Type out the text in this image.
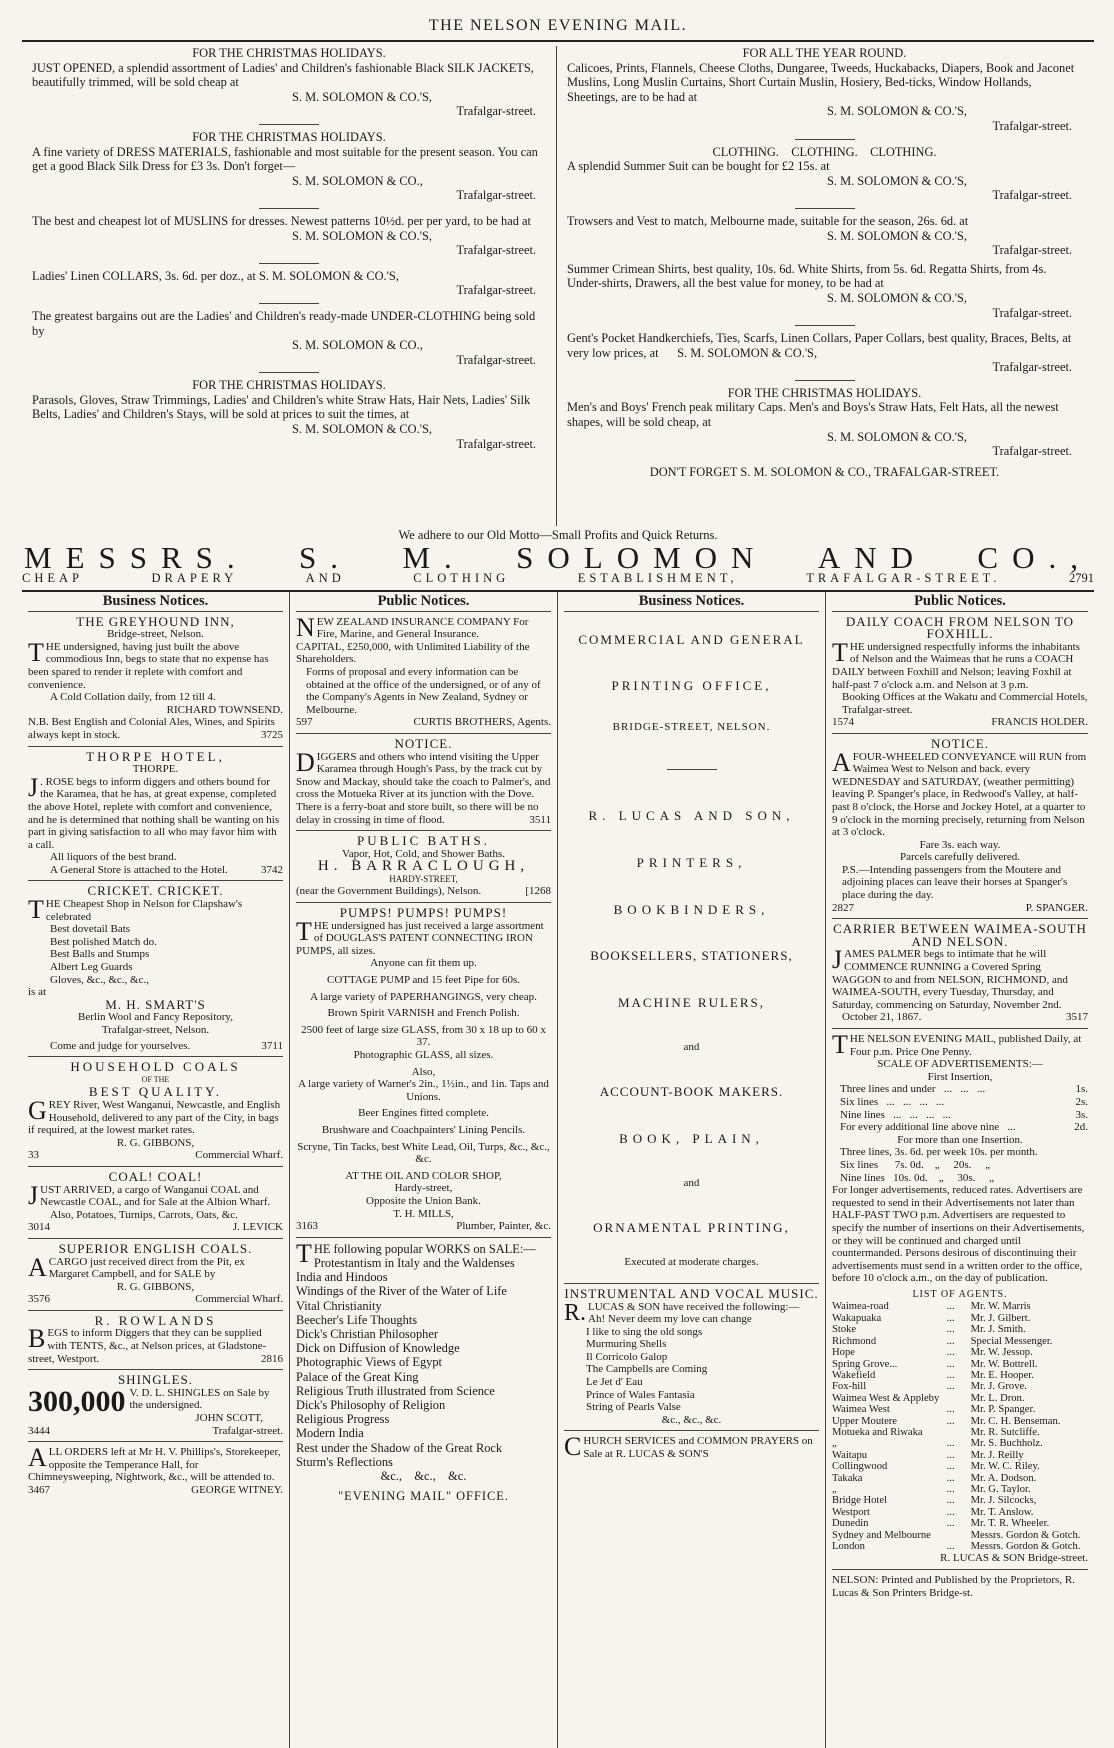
THE NELSON EVENING MAIL.
FOR THE CHRISTMAS HOLIDAYS.
JUST OPENED, a splendid assortment of Ladies' and Children's fashionable Black SILK JACKETS, beautifully trimmed, will be sold cheap at
S. M. SOLOMON & CO.'S,
Trafalgar-street.
FOR THE CHRISTMAS HOLIDAYS.
A fine variety of DRESS MATERIALS, fashionable and most suitable for the present season. You can get a good Black Silk Dress for £3 3s. Don't forget—
S. M. SOLOMON & CO.,
Trafalgar-street.
The best and cheapest lot of MUSLINS for dresses. Newest patterns 10½d. per per yard, to be had at
S. M. SOLOMON & CO.'S,
Trafalgar-street.
Ladies' Linen COLLARS, 3s. 6d. per doz., at S. M. SOLOMON & CO.'S,
Trafalgar-street.
The greatest bargains out are the Ladies' and Children's ready-made UNDER-CLOTHING being sold by
S. M. SOLOMON & CO.,
Trafalgar-street.
FOR THE CHRISTMAS HOLIDAYS.
Parasols, Gloves, Straw Trimmings, Ladies' and Children's white Straw Hats, Hair Nets, Ladies' Silk Belts, Ladies' and Children's Stays, will be sold at prices to suit the times, at
S. M. SOLOMON & CO.'S,
Trafalgar-street.
FOR ALL THE YEAR ROUND.
Calicoes, Prints, Flannels, Cheese Cloths, Dungaree, Tweeds, Huckabacks, Diapers, Book and Jaconet Muslins, Long Muslin Curtains, Short Curtain Muslin, Hosiery, Bed-ticks, Window Hollands, Sheetings, are to be had at
S. M. SOLOMON & CO.'S,
Trafalgar-street.
CLOTHING.    CLOTHING.    CLOTHING.
A splendid Summer Suit can be bought for £2 15s. at
S. M. SOLOMON & CO.'S,
Trafalgar-street.
Trowsers and Vest to match, Melbourne made, suitable for the season, 26s. 6d. at
S. M. SOLOMON & CO.'S,
Trafalgar-street.
Summer Crimean Shirts, best quality, 10s. 6d. White Shirts, from 5s. 6d. Regatta Shirts, from 4s. Under-shirts, Drawers, all the best value for money, to be had at
S. M. SOLOMON & CO.'S,
Trafalgar-street.
Gent's Pocket Handkerchiefs, Ties, Scarfs, Linen Collars, Paper Collars, best quality, Braces, Belts, at very low prices, at      S. M. SOLOMON & CO.'S,
Trafalgar-street.
FOR THE CHRISTMAS HOLIDAYS.
Men's and Boys' French peak military Caps. Men's and Boys's Straw Hats, Felt Hats, all the newest shapes, will be sold cheap, at
S. M. SOLOMON & CO.'S,
Trafalgar-street.
DON'T FORGET S. M. SOLOMON & CO., TRAFALGAR-STREET.
We adhere to our Old Motto—Small Profits and Quick Returns.
MESSRS. S. M. SOLOMON AND CO.,
CHEAP	DRAPERY	AND	CLOTHING	ESTABLISHMENT,	TRAFALGAR-STREET.	2791
Business Notices.
THE GREYHOUND INN,
Bridge-street, Nelson.
THE undersigned, having just built the above commodious Inn, begs to state that no expense has been spared to render it replete with comfort and convenience.
A Cold Collation daily, from 12 till 4.
RICHARD TOWNSEND.
N.B. Best English and Colonial Ales, Wines, and Spirits always kept in stock.	3725
THORPE HOTEL,
THORPE.
J . ROSE begs to inform diggers and others bound for the Karamea, that he has, at great expense, completed the above Hotel, replete with comfort and convenience, and he is determined that nothing shall be wanting on his part in giving satisfaction to all who may favor him with a call.
All liquors of the best brand.
A General Store is attached to the Hotel.	3742
CRICKET. CRICKET.
THE Cheapest Shop in Nelson for Clapshaw's celebrated
Best dovetail Bats
Best polished Match do.
Best Balls and Stumps
Albert Leg Guards
Gloves, &c., &c., &c.,
is at
M. H. SMART'S
Berlin Wool and Fancy Repository,
Trafalgar-street, Nelson.
Come and judge for yourselves.	3711
HOUSEHOLD COALS
OF THE
BEST QUALITY.
GREY River, West Wanganui, Newcastle, and English Household, delivered to any part of the City, in bags if required, at the lowest market rates.
R. G. GIBBONS,
33	Commercial Wharf.
COAL! COAL!
JUST ARRIVED, a cargo of Wanganui COAL and Newcastle COAL, and for Sale at the Albion Wharf.
Also, Potatoes, Turnips, Carrots, Oats, &c.
3014	J. LEVICK
SUPERIOR ENGLISH COALS.
A CARGO just received direct from the Pit, ex Margaret Campbell, and for SALE by
R. G. GIBBONS,
3576	Commercial Wharf.
R. ROWLANDS
BEGS to inform Diggers that they can be supplied with TENTS, &c., at Nelson prices, at Gladstone-street, Westport.	2816
SHINGLES.
300,000 V. D. L. SHINGLES on Sale by the undersigned.
JOHN SCOTT,
3444	Trafalgar-street.
ALL ORDERS left at Mr H. V. Phillips's, Storekeeper, opposite the Temperance Hall, for Chimneysweeping, Nightwork, &c., will be attended to.
3467	GEORGE WITNEY.
Public Notices.
NEW ZEALAND INSURANCE COMPANY For Fire, Marine, and General Insurance.
CAPITAL, £250,000, with Unlimited Liability of the Shareholders.
Forms of proposal and every information can be obtained at the office of the undersigned, or of any of the Company's Agents in New Zealand, Sydney or Melbourne.
597	CURTIS BROTHERS, Agents.
NOTICE.
DIGGERS and others who intend visiting the Upper Karamea through Hough's Pass, by the track cut by Snow and Mackay, should take the coach to Palmer's, and cross the Motueka River at its junction with the Dove. There is a ferry-boat and store built, so there will be no delay in crossing in time of flood.	3511
PUBLIC BATHS.
Vapor, Hot, Cold, and Shower Baths.
H. BARRACLOUGH,
HARDY-STREET,
(near the Government Buildings), Nelson.	[1268
PUMPS! PUMPS! PUMPS!
THE undersigned has just received a large assortment of DOUGLAS'S PATENT CONNECTING IRON PUMPS, all sizes.
Anyone can fit them up.
COTTAGE PUMP and 15 feet Pipe for 60s.
A large variety of PAPERHANGINGS, very cheap.
Brown Spirit VARNISH and French Polish.
2500 feet of large size GLASS, from 30 x 18 up to 60 x 37.
Photographic GLASS, all sizes.
Also,
A large variety of Warner's 2in., 1½in., and 1in. Taps and Unions.
Beer Engines fitted complete.
Brushware and Coachpainters' Lining Pencils.
Scryne, Tin Tacks, best White Lead, Oil, Turps, &c., &c., &c.
AT THE OIL AND COLOR SHOP,
Hardy-street,
Opposite the Union Bank.
T. H. MILLS,
3163	Plumber, Painter, &c.
THE following popular WORKS on SALE:—
Protestantism in Italy and the Waldenses
India and Hindoos
Windings of the River of the Water of Life
Vital Christianity
Beecher's Life Thoughts
Dick's Christian Philosopher
Dick on Diffusion of Knowledge
Photographic Views of Egypt
Palace of the Great King
Religious Truth illustrated from Science
Dick's Philosophy of Religion
Religious Progress
Modern India
Rest under the Shadow of the Great Rock
Sturm's Reflections
&c.,    &c.,    &c.
"EVENING MAIL" OFFICE.
Business Notices.
COMMERCIAL AND GENERAL
PRINTING OFFICE,
BRIDGE-STREET, NELSON.
R. LUCAS AND SON,
PRINTERS,
BOOKBINDERS,
BOOKSELLERS, STATIONERS,
MACHINE RULERS,
and
ACCOUNT-BOOK MAKERS.
BOOK, PLAIN,
and
ORNAMENTAL PRINTING,
Executed at moderate charges.
INSTRUMENTAL AND VOCAL MUSIC.
R. LUCAS & SON have received the following:—
Ah! Never deem my love can change
I like to sing the old songs
Murmuring Shells
Il Corricolo Galop
The Campbells are Coming
Le Jet d' Eau
Prince of Wales Fantasia
String of Pearls Valse
&c., &c., &c.
CHURCH SERVICES and COMMON PRAYERS on Sale at R. LUCAS & SON'S
Public Notices.
DAILY COACH FROM NELSON TO FOXHILL.
THE undersigned respectfully informs the inhabitants of Nelson and the Waimeas that he runs a COACH DAILY between Foxhill and Nelson; leaving Foxhil at half-past 7 o'clock a.m. and Nelson at 3 p.m.
Booking Offices at the Wakatu and Commercial Hotels, Trafalgar-street.
1574	FRANCIS HOLDER.
NOTICE.
A FOUR-WHEELED CONVEYANCE will RUN from Waimea West to Nelson and back. every WEDNESDAY and SATURDAY, (weather permitting) leaving P. Spanger's place, in Redwood's Valley, at half-past 8 o'clock, the Horse and Jockey Hotel, at a quarter to 9 o'clock in the morning precisely, returning from Nelson at 3 o'clock.
Fare 3s. each way.
Parcels carefully delivered.
P.S.—Intending passengers from the Moutere and adjoining places can leave their horses at Spanger's place during the day.
2827	P. SPANGER.
CARRIER BETWEEN WAIMEA-SOUTH AND NELSON.
JAMES PALMER begs to intimate that he will COMMENCE RUNNING a Covered Spring WAGGON to and from NELSON, RICHMOND, and WAIMEA-SOUTH, every Tuesday, Thursday, and Saturday, commencing on Saturday, November 2nd.
October 21, 1867.	3517
THE NELSON EVENING MAIL, published Daily, at Four p.m. Price One Penny.
SCALE OF ADVERTISEMENTS:—
First Insertion,
Three lines and under   ...   ...   ...	1s.
Six lines   ...   ...   ...   ...	2s.
Nine lines   ...   ...   ...   ...	3s.
For every additional line above nine   ...	2d.
For more than one Insertion.
Three lines, 3s. 6d. per week 10s. per month.
Six lines      7s. 0d.    „     20s.     „
Nine lines   10s. 0d.    „     30s.     „
For longer advertisements, reduced rates. Advertisers are requested to send in their Advertisements not later than HALF-PAST TWO p.m. Advertisers are requested to specify the number of insertions on their Advertisements, or they will be continued and charged until countermanded. Persons desirous of discontinuing their advertisements must send in a written order to the office, before 10 o'clock a.m., on the day of publication.
LIST OF AGENTS.
Waimea-road	...	Mr. W. Marris
Wakapuaka	...	Mr. J. Gilbert.
Stoke	...	Mr. J. Smith.
Richmond	...	Special Messenger.
Hope	...	Mr. W. Jessop.
Spring Grove...	...	Mr. W. Bottrell.
Wakefield	...	Mr. E. Hooper.
Fox-hill	...	Mr. J. Grove.
Waimea West & Appleby		Mr. L. Dron.
Waimea West	...	Mr. P. Spanger.
Upper Moutere	...	Mr. C. H. Benseman.
Motueka and Riwaka		Mr. R. Sutcliffe.
„	...	Mr. S. Buchholz.
Waitapu	...	Mr. J. Reilly
Collingwood	...	Mr. W. C. Riley.
Takaka	...	Mr. A. Dodson.
„	...	Mr. G. Taylor.
Bridge Hotel	...	Mr. J. Silcocks,
Westport	...	Mr. T. Anslow.
Dunedin	...	Mr. T. R. Wheeler.
Sydney and Melbourne		Messrs. Gordon & Gotch.
London	...	Messrs. Gordon & Gotch.
R. LUCAS & SON Bridge-street.
NELSON: Printed and Published by the Proprietors, R. Lucas & Son Printers Bridge-st.
